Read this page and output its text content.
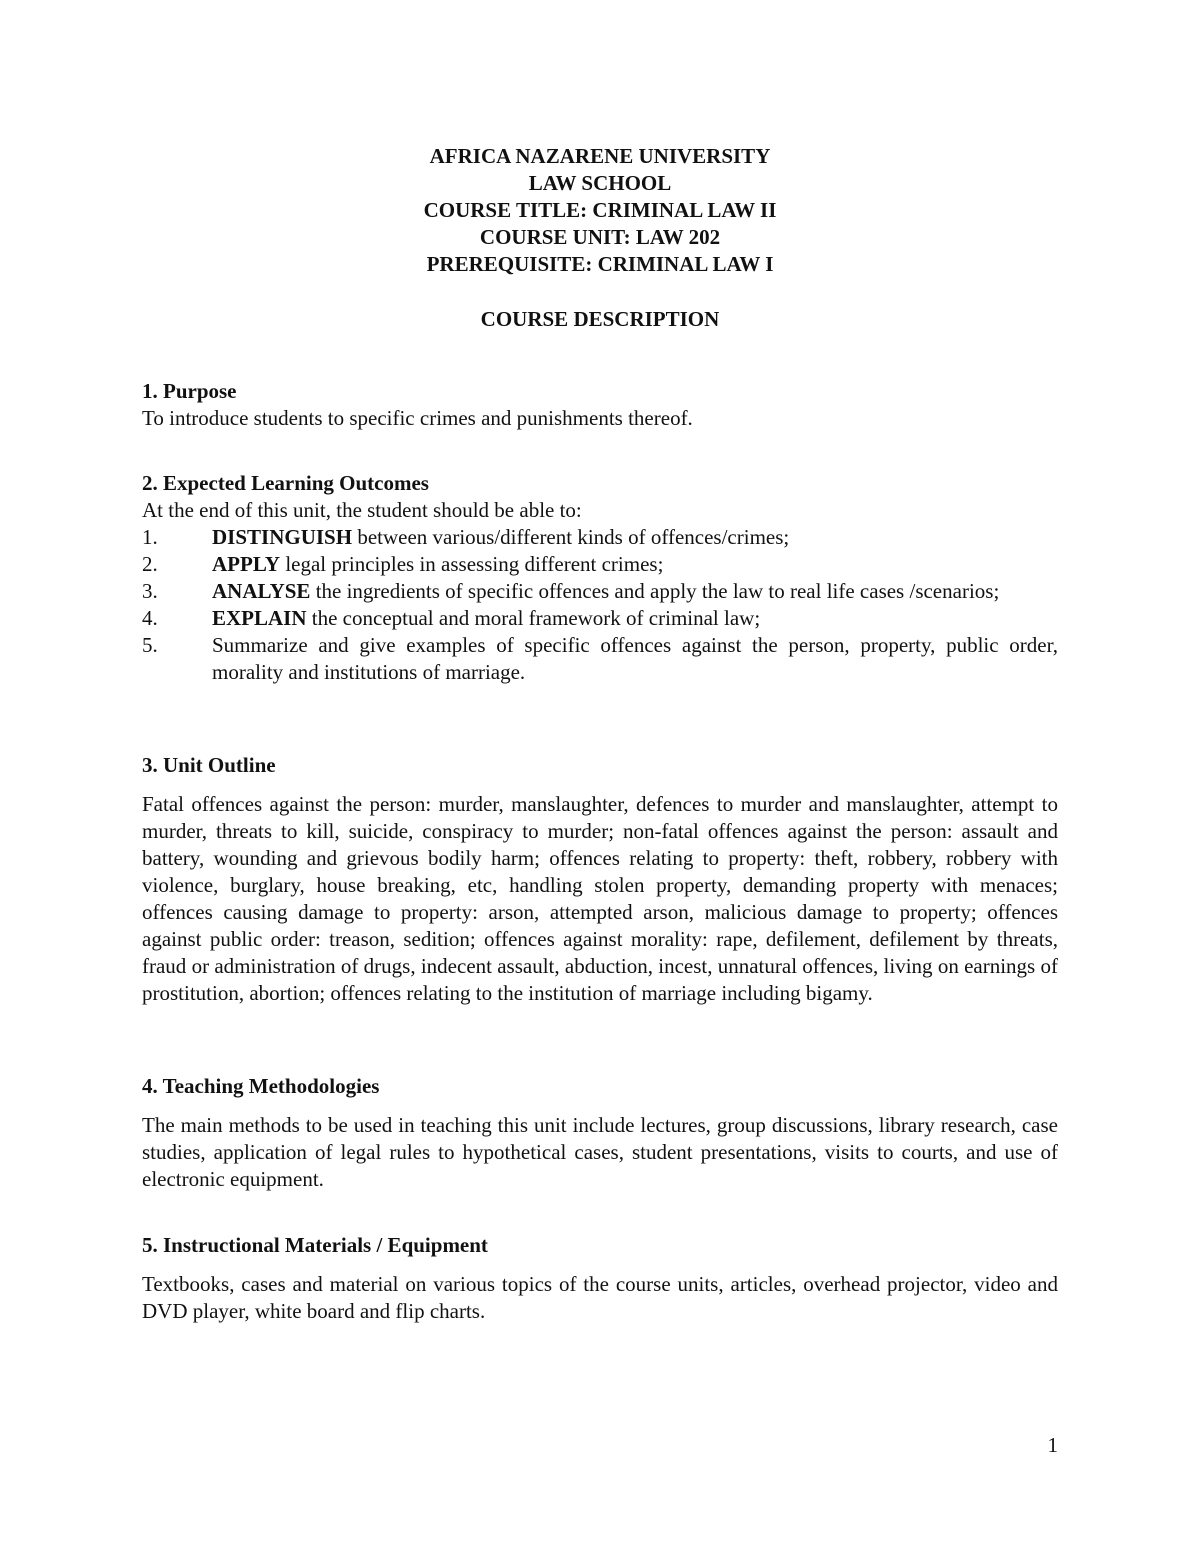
AFRICA NAZARENE UNIVERSITY
LAW SCHOOL
COURSE TITLE: CRIMINAL LAW II
COURSE UNIT: LAW 202
PREREQUISITE: CRIMINAL LAW I
COURSE DESCRIPTION

1. Purpose

To introduce students to specific crimes and punishments thereof.

2. Expected Learning Outcomes

At the end of this unit, the student should be able to:

1.	DISTINGUISH between various/different kinds of offences/crimes;
2.	APPLY legal principles in assessing different crimes;
3.	ANALYSE the ingredients of specific offences and apply the law to real life cases /scenarios;
4.	EXPLAIN the conceptual and moral framework of criminal law;
5.	Summarize and give examples of specific offences against the person, property, public order, morality and institutions of marriage.

3. Unit Outline

Fatal offences against the person: murder, manslaughter, defences to murder and manslaughter, attempt to murder, threats to kill, suicide, conspiracy to murder; non-fatal offences against the person: assault and battery, wounding and grievous bodily harm; offences relating to property: theft, robbery, robbery with violence, burglary, house breaking, etc, handling stolen property, demanding property with menaces; offences causing damage to property: arson, attempted arson, malicious damage to property; offences against public order: treason, sedition; offences against morality: rape, defilement, defilement by threats, fraud or administration of drugs, indecent assault, abduction, incest, unnatural offences, living on earnings of prostitution, abortion; offences relating to the institution of marriage including bigamy.

4. Teaching Methodologies

The main methods to be used in teaching this unit include lectures, group discussions, library research, case studies, application of legal rules to hypothetical cases, student presentations, visits to courts, and use of electronic equipment.

5. Instructional Materials / Equipment

Textbooks, cases and material on various topics of the course units, articles, overhead projector, video and DVD player, white board and flip charts.

1
